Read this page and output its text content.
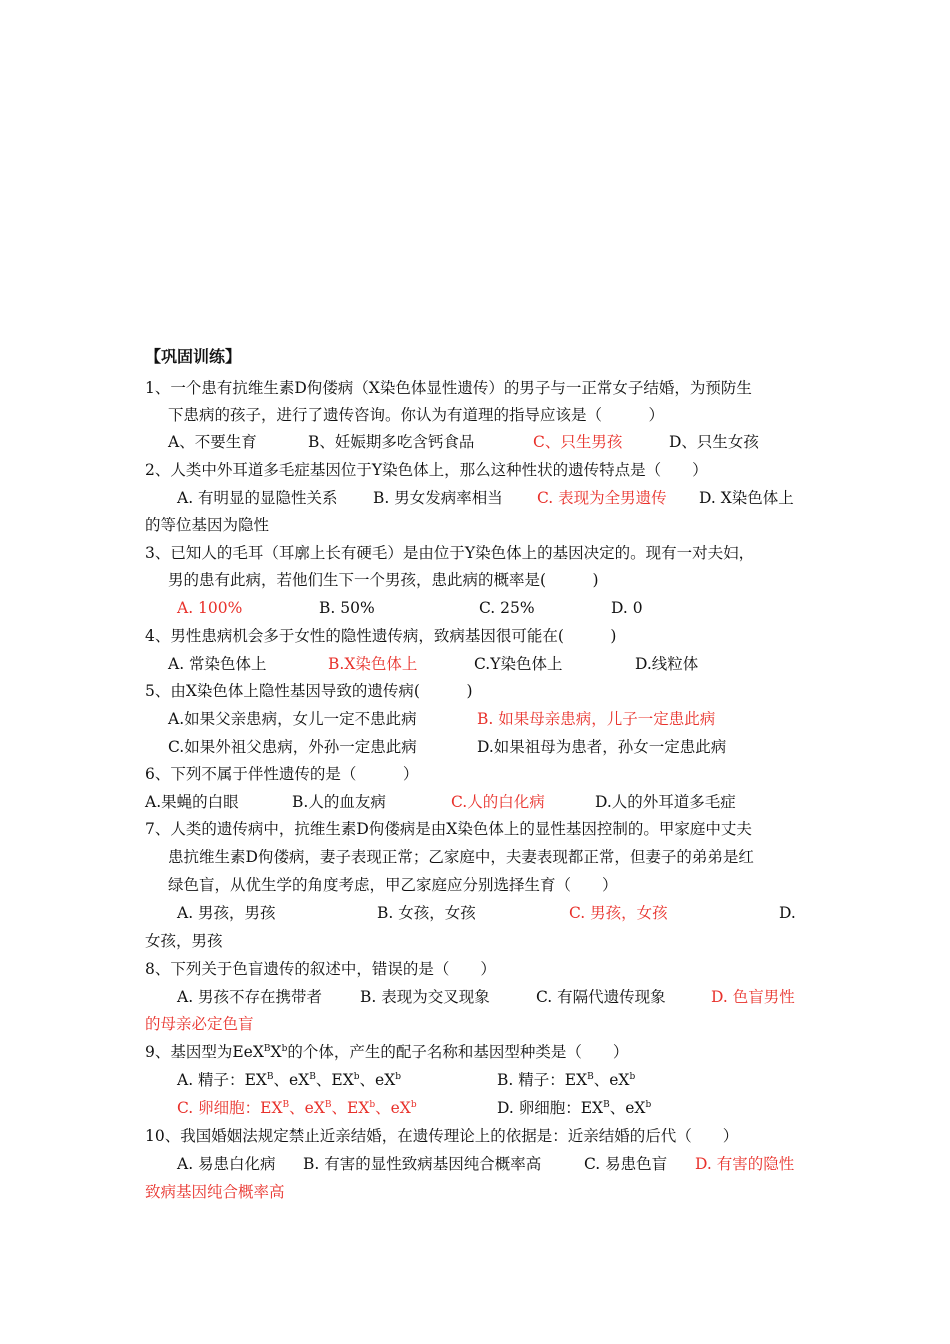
【巩固训练】
1、一个患有抗维生素D佝偻病（X染色体显性遗传）的男子与一正常女子结婚，为预防生
下患病的孩子，进行了遗传咨询。你认为有道理的指导应该是（　　　）
A、不要生育	B、妊娠期多吃含钙食品	C、只生男孩	D、只生女孩
2、人类中外耳道多毛症基因位于Y染色体上，那么这种性状的遗传特点是（　　）
A. 有明显的显隐性关系 B. 男女发病率相当 C. 表现为全男遗传 D. X染色体上
的等位基因为隐性
3、已知人的毛耳（耳廓上长有硬毛）是由位于Y染色体上的基因决定的。现有一对夫妇，
男的患有此病，若他们生下一个男孩，患此病的概率是(　　　)
A. 100%	B. 50%	C. 25%	D. 0
4、男性患病机会多于女性的隐性遗传病，致病基因很可能在(　　　)
A. 常染色体上	B.X染色体上	C.Y染色体上	D.线粒体
5、由X染色体上隐性基因导致的遗传病(　　　)
A.如果父亲患病，女儿一定不患此病	B. 如果母亲患病，儿子一定患此病
C.如果外祖父患病，外孙一定患此病	D.如果祖母为患者，孙女一定患此病
6、下列不属于伴性遗传的是（　　　）
A.果蝇的白眼	B.人的血友病	C.人的白化病	D.人的外耳道多毛症
7、人类的遗传病中，抗维生素D佝偻病是由X染色体上的显性基因控制的。甲家庭中丈夫
患抗维生素D佝偻病，妻子表现正常；乙家庭中，夫妻表现都正常，但妻子的弟弟是红
绿色盲，从优生学的角度考虑，甲乙家庭应分别选择生育（　　）
A. 男孩，男孩	B. 女孩，女孩	C. 男孩，女孩	D.
女孩，男孩
8、下列关于色盲遗传的叙述中，错误的是（　　）
A. 男孩不存在携带者 B. 表现为交叉现象	C. 有隔代遗传现象	D. 色盲男性
的母亲必定色盲
9、基因型为$EeX^BX^b$的个体，产生的配子名称和基因型种类是（　　）
A. 精子：$EX^B$、$eX^B$、$EX^b$、$eX^b$	B. 精子：$EX^B$、$eX^b$
C. 卵细胞：$EX^B$、$eX^B$、$EX^b$、$eX^b$	D. 卵细胞：$EX^B$、$eX^b$
10、我国婚姻法规定禁止近亲结婚，在遗传理论上的依据是：近亲结婚的后代（　　）
A. 易患白化病 B. 有害的显性致病基因纯合概率高	C. 易患色盲 D. 有害的隐性
致病基因纯合概率高
